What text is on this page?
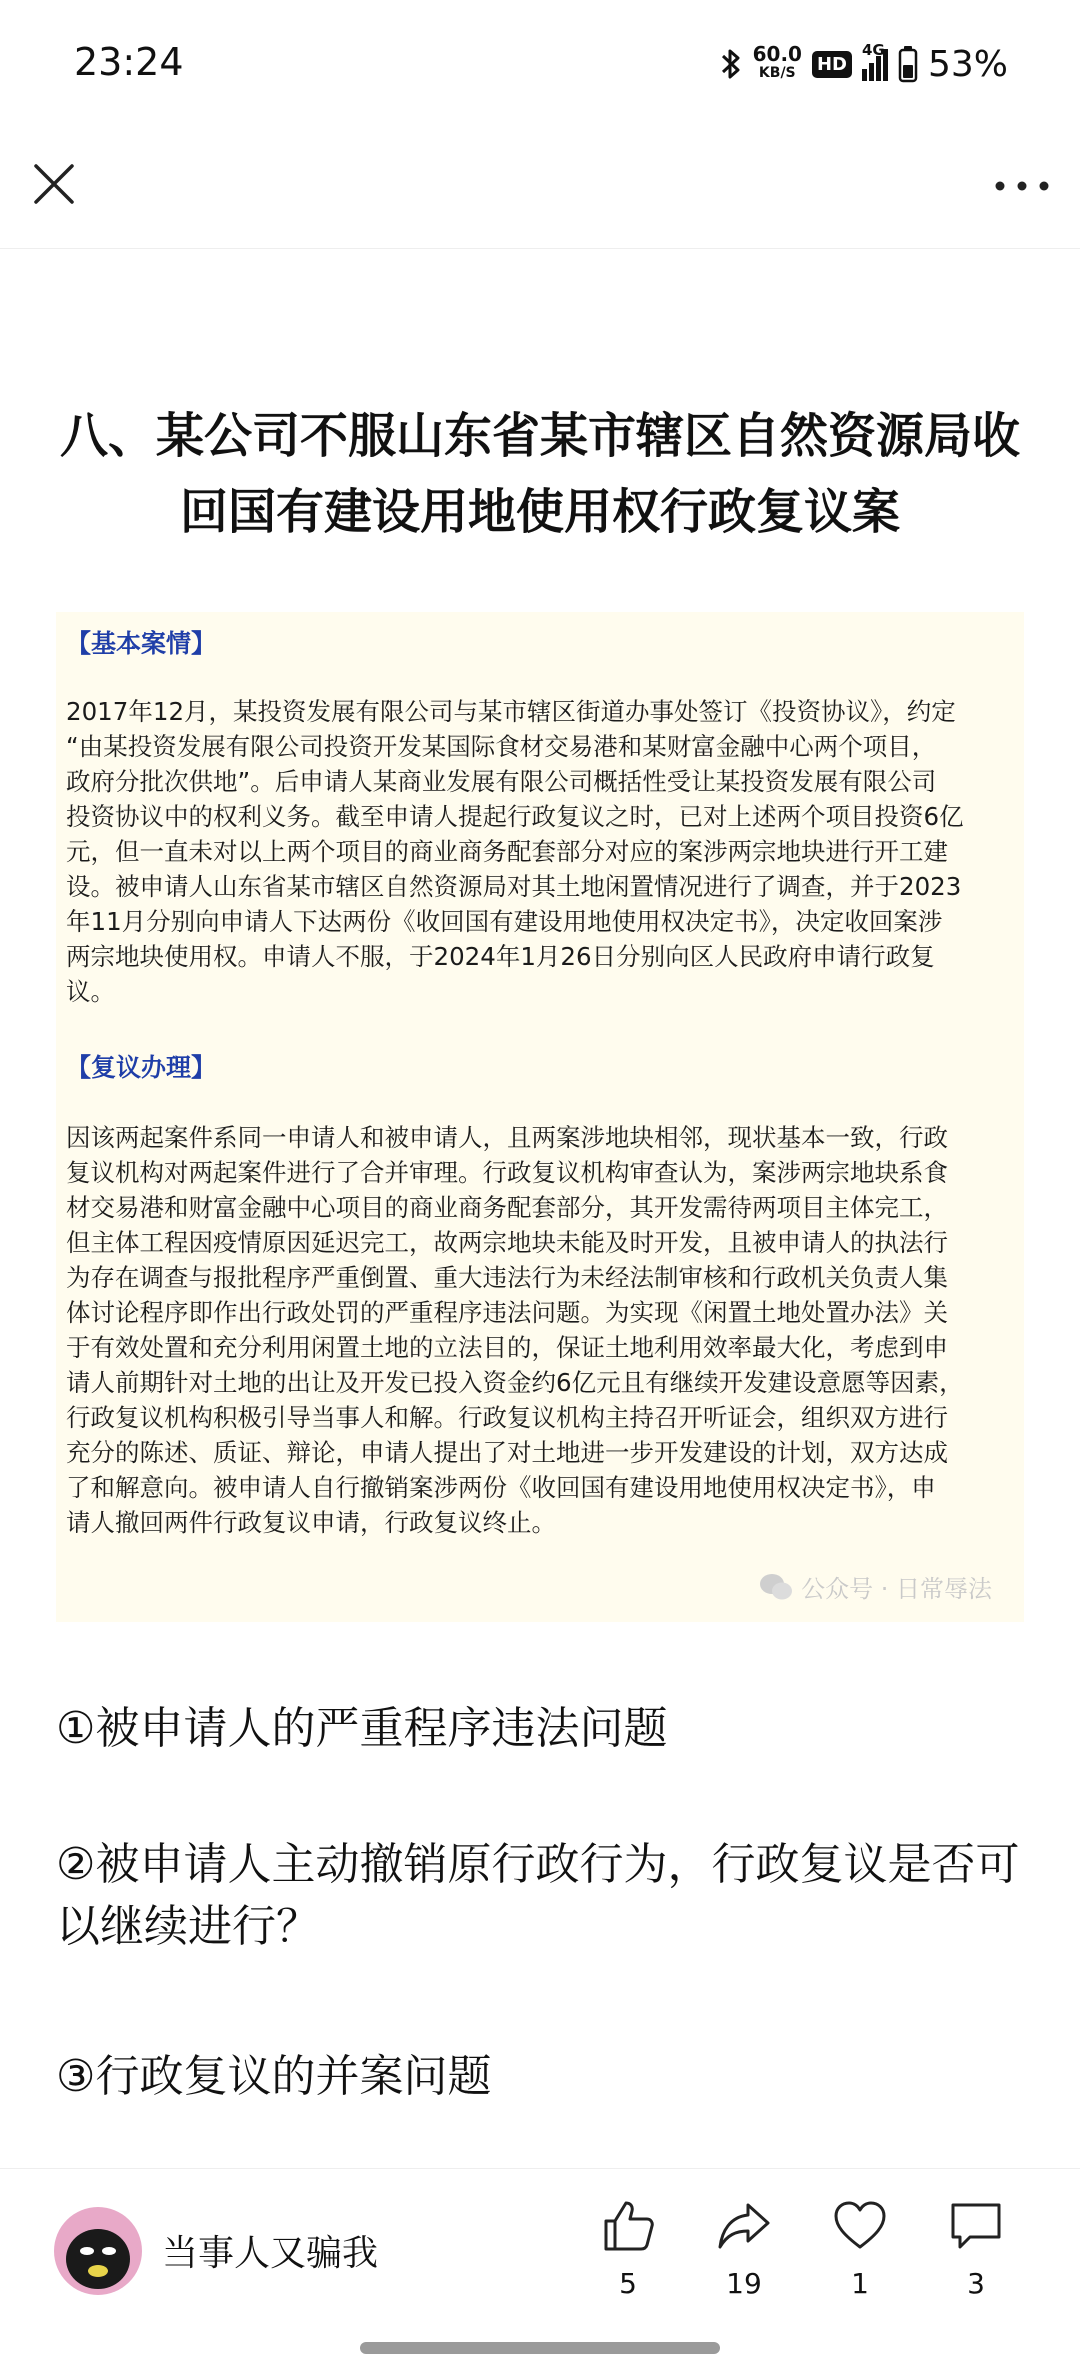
23:24	60.0
KB/S HD
4G 53%
八、某公司不服山东省某市辖区自然资源局收
回国有建设用地使用权行政复议案
【基本案情】
2017年12月，某投资发展有限公司与某市辖区街道办事处签订《投资协议》，约定
“由某投资发展有限公司投资开发某国际食材交易港和某财富金融中心两个项目，
政府分批次供地”。后申请人某商业发展有限公司概括性受让某投资发展有限公司
投资协议中的权利义务。截至申请人提起行政复议之时，已对上述两个项目投资6亿
元，但一直未对以上两个项目的商业商务配套部分对应的案涉两宗地块进行开工建
设。被申请人山东省某市辖区自然资源局对其土地闲置情况进行了调查，并于2023
年11月分别向申请人下达两份《收回国有建设用地使用权决定书》，决定收回案涉
两宗地块使用权。申请人不服，于2024年1月26日分别向区人民政府申请行政复
议。
【复议办理】
因该两起案件系同一申请人和被申请人，且两案涉地块相邻，现状基本一致，行政
复议机构对两起案件进行了合并审理。行政复议机构审查认为，案涉两宗地块系食
材交易港和财富金融中心项目的商业商务配套部分，其开发需待两项目主体完工，
但主体工程因疫情原因延迟完工，故两宗地块未能及时开发，且被申请人的执法行
为存在调查与报批程序严重倒置、重大违法行为未经法制审核和行政机关负责人集
体讨论程序即作出行政处罚的严重程序违法问题。为实现《闲置土地处置办法》关
于有效处置和充分利用闲置土地的立法目的，保证土地利用效率最大化，考虑到申
请人前期针对土地的出让及开发已投入资金约6亿元且有继续开发建设意愿等因素，
行政复议机构积极引导当事人和解。行政复议机构主持召开听证会，组织双方进行
充分的陈述、质证、辩论，申请人提出了对土地进一步开发建设的计划，双方达成
了和解意向。被申请人自行撤销案涉两份《收回国有建设用地使用权决定书》，申
请人撤回两件行政复议申请，行政复议终止。
公众号 · 日常辱法
①被申请人的严重程序违法问题
②被申请人主动撤销原行政行为，行政复议是否可以继续进行？
③行政复议的并案问题
当事人又骗我
5	19	1	3
